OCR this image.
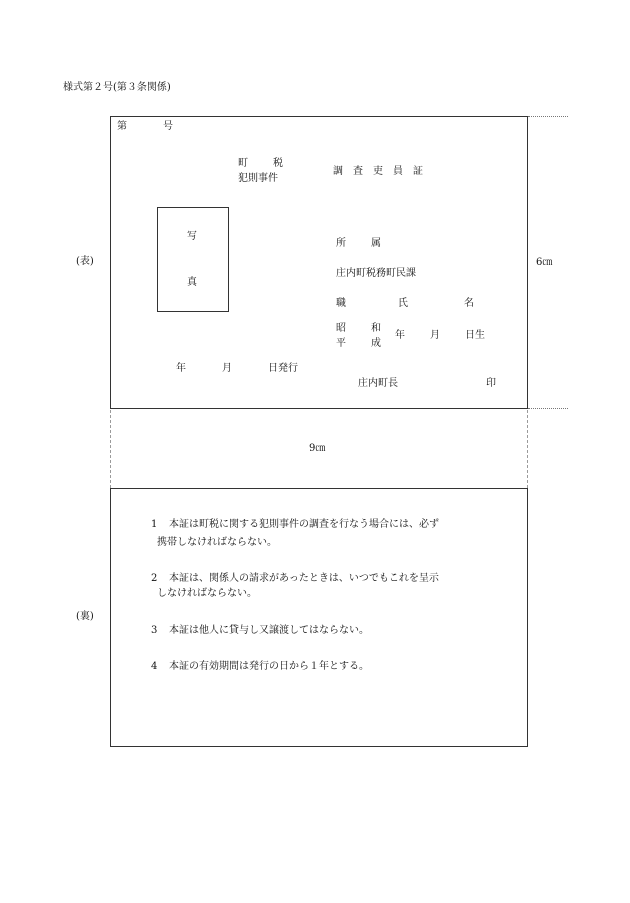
様式第２号(第３条関係)
(表)
(裏)
6㎝
9㎝
第	号
町	税
犯則事件
調　査　吏　員　証
写
真
所	属
庄内町税務町民課
職	氏	名
昭	和
平	成
年	月	日生
年	月	日発行
庄内町長	印
1 本証は町税に関する犯則事件の調査を行なう場合には、必ず
携帯しなければならない。
2 本証は、関係人の請求があったときは、いつでもこれを呈示
しなければならない。
3 本証は他人に貸与し又譲渡してはならない。
4 本証の有効期間は発行の日から１年とする。
